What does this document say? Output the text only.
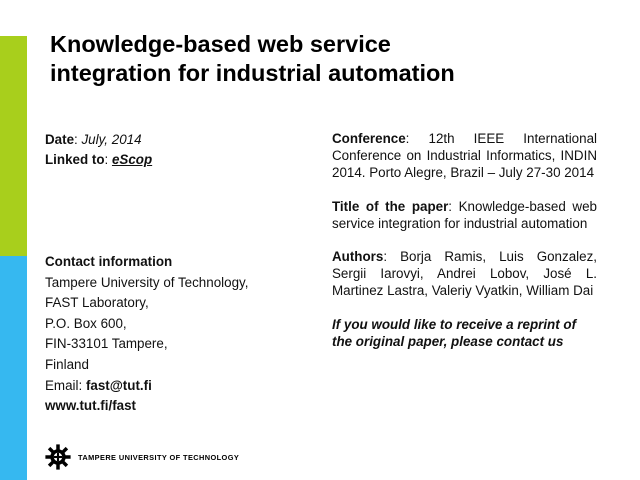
Knowledge-based web service
integration for industrial automation

Date: July, 2014

Linked to: eScop

Contact information

Tampere University of Technology,

FAST Laboratory,

P.O. Box 600,

FIN-33101 Tampere,

Finland

Email: fast@tut.fi

www.tut.fi/fast

Conference: 12th IEEE International Conference on Industrial Informatics, INDIN 2014. Porto Alegre, Brazil – July 27-30 2014

Title of the paper: Knowledge-based web service integration for industrial automation

Authors: Borja Ramis, Luis Gonzalez, Sergii Iarovyi, Andrei Lobov, José L. Martinez Lastra, Valeriy Vyatkin, William Dai

If you would like to receive a reprint of the original paper, please contact us

TAMPERE UNIVERSITY OF TECHNOLOGY
